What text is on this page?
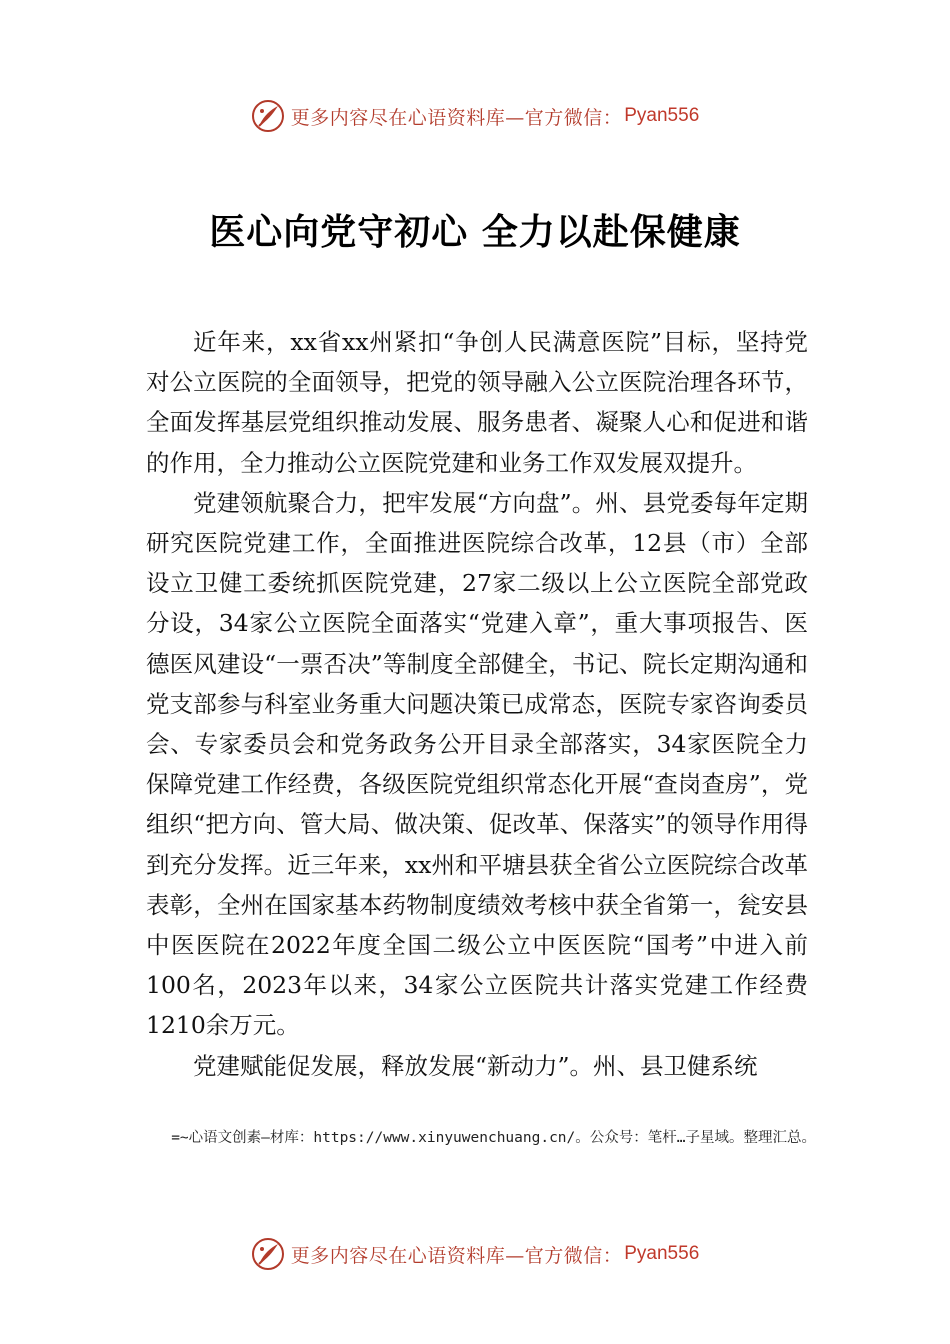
更多内容尽在心语资料库—官方微信： Pyan556
医心向党守初心 全力以赴保健康

近年来，xx省xx州紧扣“争创人民满意医院”目标，坚持党对公立医院的全面领导，把党的领导融入公立医院治理各环节，全面发挥基层党组织推动发展、服务患者、凝聚人心和促进和谐的作用，全力推动公立医院党建和业务工作双发展双提升。

党建领航聚合力，把牢发展“方向盘”。州、县党委每年定期研究医院党建工作，全面推进医院综合改革，12县（市）全部设立卫健工委统抓医院党建，27家二级以上公立医院全部党政分设，34家公立医院全面落实“党建入章”，重大事项报告、医德医风建设“一票否决”等制度全部健全，书记、院长定期沟通和党支部参与科室业务重大问题决策已成常态，医院专家咨询委员会、专家委员会和党务政务公开目录全部落实，34家医院全力保障党建工作经费，各级医院党组织常态化开展“查岗查房”，党组织“把方向、管大局、做决策、促改革、保落实”的领导作用得到充分发挥。近三年来，xx州和平塘县获全省公立医院综合改革表彰，全州在国家基本药物制度绩效考核中获全省第一，瓮安县中医医院在2022年度全国二级公立中医医院“国考”中进入前100名，2023年以来，34家公立医院共计落实党建工作经费1210余万元。

党建赋能促发展，释放发展“新动力”。州、县卫健系统

=~心语文创素—材库：https://www.xinyuwenchuang.cn/。公众号：笔杆…子星域。整理汇总。
更多内容尽在心语资料库—官方微信： Pyan556
